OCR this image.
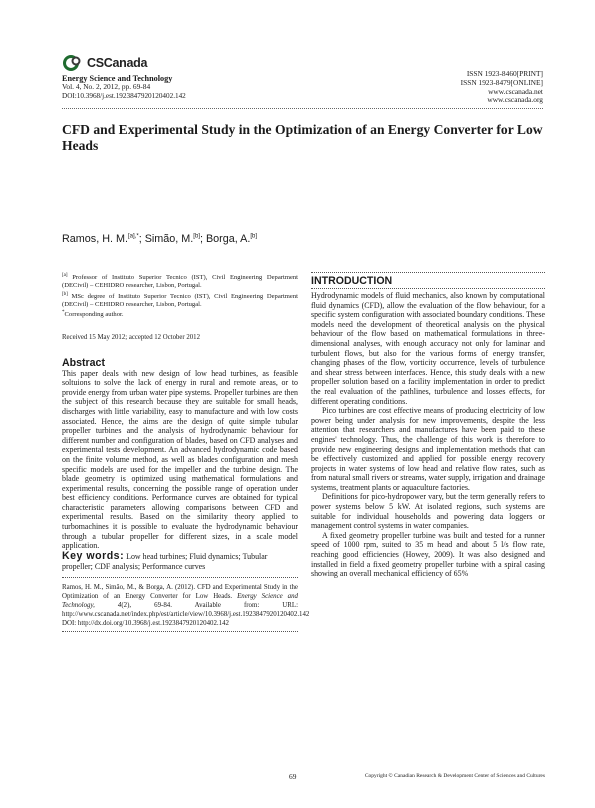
CSCanada
Energy Science and Technology
Vol. 4, No. 2, 2012, pp. 69-84
DOI:10.3968/j.est.1923847920120402.142
ISSN 1923-8460[PRINT]
ISSN 1923-8479[ONLINE]
www.cscanada.net
www.cscanada.org
CFD and Experimental Study in the Optimization of an Energy Converter for Low Heads
Ramos, H. M.$^{[a],*}$; Simão, M.[b]; Borga, A.[b]
[a] Professor of Instituto Superior Tecnico (IST), Civil Engineering Department (DECivil) – CEHIDRO researcher, Lisbon, Portugal.
[b] MSc degree of Instituto Superior Tecnico (IST), Civil Engineering Department (DECivil) – CEHIDRO researcher, Lisbon, Portugal.
*Corresponding author.
Received 15 May 2012; accepted 12 October 2012
Abstract

This paper deals with new design of low head turbines, as feasible soltuions to solve the lack of energy in rural and remote areas, or to provide energy from urban water pipe systems. Propeller turbines are then the subject of this research because they are suitable for small heads, discharges with little variability, easy to manufacture and with low costs associated. Hence, the aims are the design of quite simple tubular propeller turbines and the analysis of hydrodynamic behaviour for different number and configuration of blades, based on CFD analyses and experimental tests development. An advanced hydrodynamic code based on the finite volume method, as well as blades configuration and mesh specific models are used for the impeller and the turbine design. The blade geometry is optimized using mathematical formulations and experimental results, concerning the possible range of operation under best efficiency conditions. Performance curves are obtained for typical characteristic parameters allowing comparisons between CFD and experimental results. Based on the similarity theory applied to turbomachines it is possible to evaluate the hydrodynamic behaviour through a tubular propeller for different sizes, in a scale model application.

Key words: Low head turbines; Fluid dynamics; Tubular propeller; CDF analysis; Performance curves
Ramos, H. M., Simão, M., & Borga, A. (2012). CFD and Experimental Study in the Optimization of an Energy Converter for Low Heads. Energy Science and Technology, 4(2), 69-84. Available from: URL: http://www.cscanada.net/index.php/est/article/view/10.3968/j.est.1923847920120402.142
DOI: http://dx.doi.org/10.3968/j.est.1923847920120402.142
INTRODUCTION

Hydrodynamic models of fluid mechanics, also known by computational fluid dynamics (CFD), allow the evaluation of the flow behaviour, for a specific system configuration with associated boundary conditions. These models need the development of theoretical analysis on the physical behaviour of the flow based on mathematical formulations in three-dimensional analyses, with enough accuracy not only for laminar and turbulent flows, but also for the various forms of energy transfer, changing phases of the flow, vorticity occurrence, levels of turbulence and shear stress between interfaces. Hence, this study deals with a new propeller solution based on a facility implementation in order to predict the real evaluation of the pathlines, turbulence and losses effects, for different operating conditions.

Pico turbines are cost effective means of producing electricity of low power being under analysis for new improvements, despite the less attention that researchers and manufactures have been paid to these engines' technology. Thus, the challenge of this work is therefore to provide new engineering designs and implementation methods that can be effectively customized and applied for possible energy recovery projects in water systems of low head and relative flow rates, such as from natural small rivers or streams, water supply, irrigation and drainage systems, treatment plants or aquaculture factories.

Definitions for pico-hydropower vary, but the term generally refers to power systems below 5 kW. At isolated regions, such systems are suitable for individual households and powering data loggers or management control systems in water companies.

A fixed geometry propeller turbine was built and tested for a runner speed of 1000 rpm, suited to 35 m head and about 5 l/s flow rate, reaching good efficiencies (Howey, 2009). It was also designed and installed in field a fixed geometry propeller turbine with a spiral casing showing an overall mechanical efficiency of 65%

69	Copyright © Canadian Research & Development Center of Sciences and Cultures
